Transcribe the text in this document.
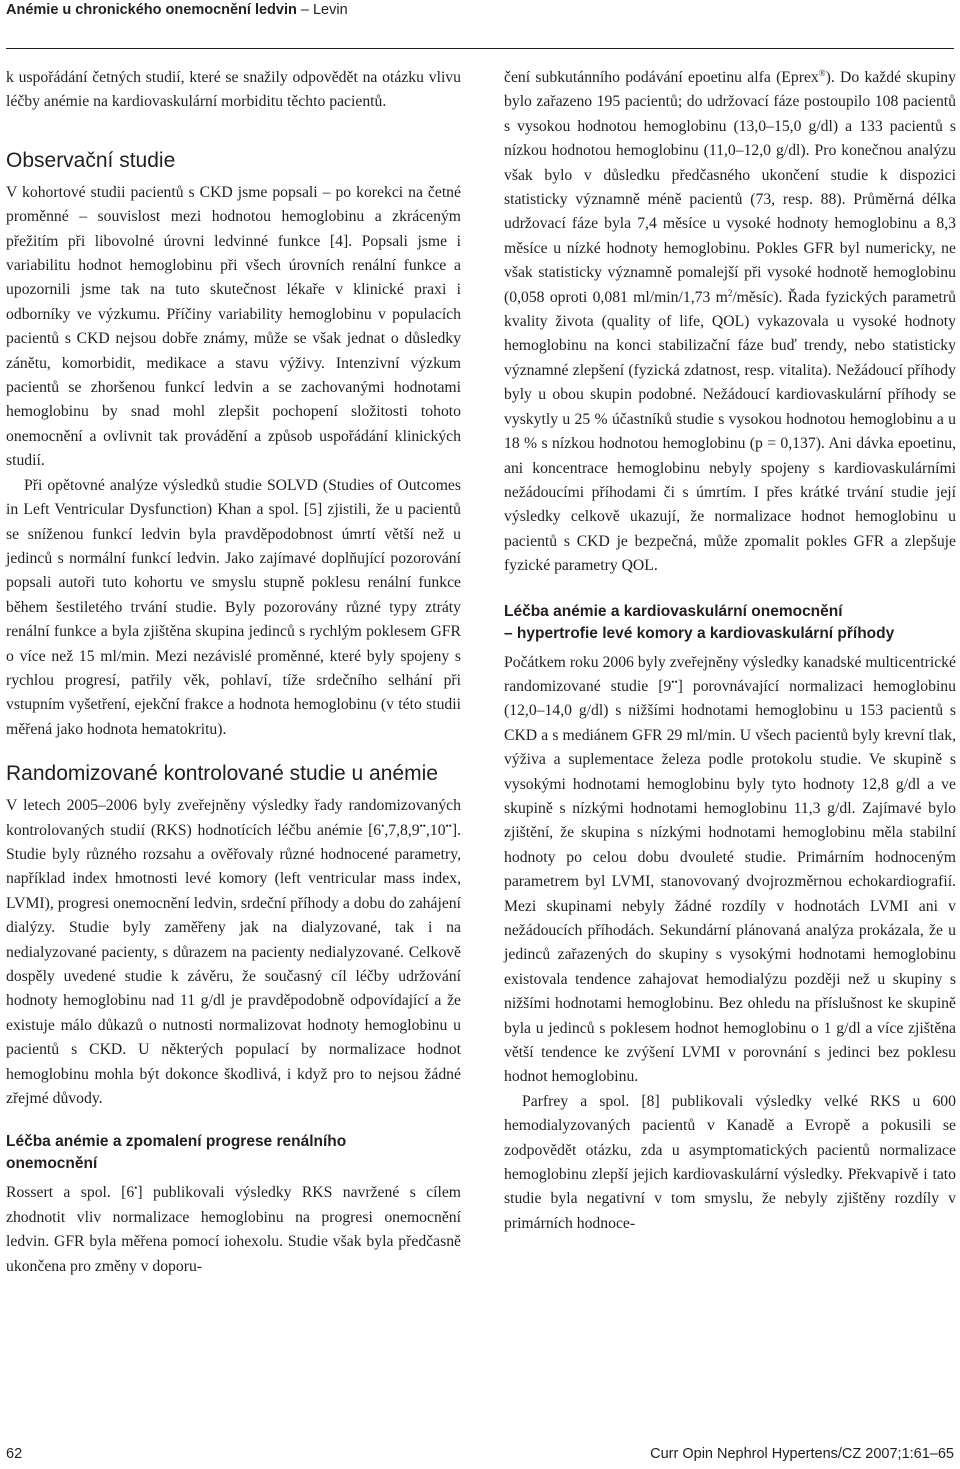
Anémie u chronického onemocnění ledvin – Levin

k uspořádání četných studií, které se snažily odpovědět na otázku vlivu léčby anémie na kardiovaskulární morbiditu těchto pacientů.

Observační studie

V kohortové studii pacientů s CKD jsme popsali – po korekci na četné proměnné – souvislost mezi hodnotou hemoglobinu a zkráceným přežitím při libovolné úrovni ledvinné funkce [4]. Popsali jsme i variabilitu hodnot hemoglobinu při všech úrovních renální funkce a upozornili jsme tak na tuto skutečnost lékaře v klinické praxi i odborníky ve výzkumu. Příčiny variability hemoglobinu v populacích pacientů s CKD nejsou dobře známy, může se však jednat o důsledky zánětu, komorbidit, medikace a stavu výživy. Intenzivní výzkum pacientů se zhoršenou funkcí ledvin a se zachovanými hodnotami hemoglobinu by snad mohl zlepšit pochopení složitosti tohoto onemocnění a ovlivnit tak provádění a způsob uspořádání klinických studií.

Při opětovné analýze výsledků studie SOLVD (Studies of Outcomes in Left Ventricular Dysfunction) Khan a spol. [5] zjistili, že u pacientů se sníženou funkcí ledvin byla pravděpodobnost úmrtí větší než u jedinců s normální funkcí ledvin. Jako zajímavé doplňující pozorování popsali autoři tuto kohortu ve smyslu stupně poklesu renální funkce během šestiletého trvání studie. Byly pozorovány různé typy ztráty renální funkce a byla zjištěna skupina jedinců s rychlým poklesem GFR o více než 15 ml/min. Mezi nezávislé proměnné, které byly spojeny s rychlou progresí, patřily věk, pohlaví, tíže srdečního selhání při vstupním vyšetření, ejekční frakce a hodnota hemoglobinu (v této studii měřená jako hodnota hematokritu).

Randomizované kontrolované studie u anémie

V letech 2005–2006 byly zveřejněny výsledky řady randomizovaných kontrolovaných studií (RKS) hodnotících léčbu anémie [6•,7,8,9••,10••]. Studie byly různého rozsahu a ověřovaly různé hodnocené parametry, například index hmotnosti levé komory (left ventricular mass index, LVMI), progresi onemocnění ledvin, srdeční příhody a dobu do zahájení dialýzy. Studie byly zaměřeny jak na dialyzované, tak i na nedialyzované pacienty, s důrazem na pacienty nedialyzované. Celkově dospěly uvedené studie k závěru, že současný cíl léčby udržování hodnoty hemoglobinu nad 11 g/dl je pravděpodobně odpovídající a že existuje málo důkazů o nutnosti normalizovat hodnoty hemoglobinu u pacientů s CKD. U některých populací by normalizace hodnot hemoglobinu mohla být dokonce škodlivá, i když pro to nejsou žádné zřejmé důvody.

Léčba anémie a zpomalení progrese renálního
onemocnění

Rossert a spol. [6•] publikovali výsledky RKS navržené s cílem zhodnotit vliv normalizace hemoglobinu na progresi onemocnění ledvin. GFR byla měřena pomocí iohexolu. Studie však byla předčasně ukončena pro změny v doporu-

čení subkutánního podávání epoetinu alfa (Eprex®). Do každé skupiny bylo zařazeno 195 pacientů; do udržovací fáze postoupilo 108 pacientů s vysokou hodnotou hemoglobinu (13,0–15,0 g/dl) a 133 pacientů s nízkou hodnotou hemoglobinu (11,0–12,0 g/dl). Pro konečnou analýzu však bylo v důsledku předčasného ukončení studie k dispozici statisticky významně méně pacientů (73, resp. 88). Průměrná délka udržovací fáze byla 7,4 měsíce u vysoké hodnoty hemoglobinu a 8,3 měsíce u nízké hodnoty hemoglobinu. Pokles GFR byl numericky, ne však statisticky významně pomalejší při vysoké hodnotě hemoglobinu (0,058 oproti 0,081 ml/min/1,73 $m^2/měsíc$). Řada fyzických parametrů kvality života (quality of life, QOL) vykazovala u vysoké hodnoty hemoglobinu na konci stabilizační fáze buď trendy, nebo statisticky významné zlepšení (fyzická zdatnost, resp. vitalita). Nežádoucí příhody byly u obou skupin podobné. Nežádoucí kardiovaskulární příhody se vyskytly u 25 % účastníků studie s vysokou hodnotou hemoglobinu a u 18 % s nízkou hodnotou hemoglobinu (p = 0,137). Ani dávka epoetinu, ani koncentrace hemoglobinu nebyly spojeny s kardiovaskulárními nežádoucími příhodami či s úmrtím. I přes krátké trvání studie její výsledky celkově ukazují, že normalizace hodnot hemoglobinu u pacientů s CKD je bezpečná, může zpomalit pokles GFR a zlepšuje fyzické parametry QOL.

Léčba anémie a kardiovaskulární onemocnění
– hypertrofie levé komory a kardiovaskulární příhody

Počátkem roku 2006 byly zveřejněny výsledky kanadské multicentrické randomizované studie [9••] porovnávající normalizaci hemoglobinu (12,0–14,0 g/dl) s nižšími hodnotami hemoglobinu u 153 pacientů s CKD a s mediánem GFR 29 ml/min. U všech pacientů byly krevní tlak, výživa a suplementace železa podle protokolu studie. Ve skupině s vysokými hodnotami hemoglobinu byly tyto hodnoty 12,8 g/dl a ve skupině s nízkými hodnotami hemoglobinu 11,3 g/dl. Zajímavé bylo zjištění, že skupina s nízkými hodnotami hemoglobinu měla stabilní hodnoty po celou dobu dvouleté studie. Primárním hodnoceným parametrem byl LVMI, stanovovaný dvojrozměrnou echokardiografií. Mezi skupinami nebyly žádné rozdíly v hodnotách LVMI ani v nežádoucích příhodách. Sekundární plánovaná analýza prokázala, že u jedinců zařazených do skupiny s vysokými hodnotami hemoglobinu existovala tendence zahajovat hemodialýzu později než u skupiny s nižšími hodnotami hemoglobinu. Bez ohledu na příslušnost ke skupině byla u jedinců s poklesem hodnot hemoglobinu o 1 g/dl a více zjištěna větší tendence ke zvýšení LVMI v porovnání s jedinci bez poklesu hodnot hemoglobinu.

Parfrey a spol. [8] publikovali výsledky velké RKS u 600 hemodialyzovaných pacientů v Kanadě a Evropě a pokusili se zodpovědět otázku, zda u asymptomatických pacientů normalizace hemoglobinu zlepší jejich kardiovaskulární výsledky. Překvapivě i tato studie byla negativní v tom smyslu, že nebyly zjištěny rozdíly v primárních hodnoce-

62	Curr Opin Nephrol Hypertens/CZ 2007;1:61–65
